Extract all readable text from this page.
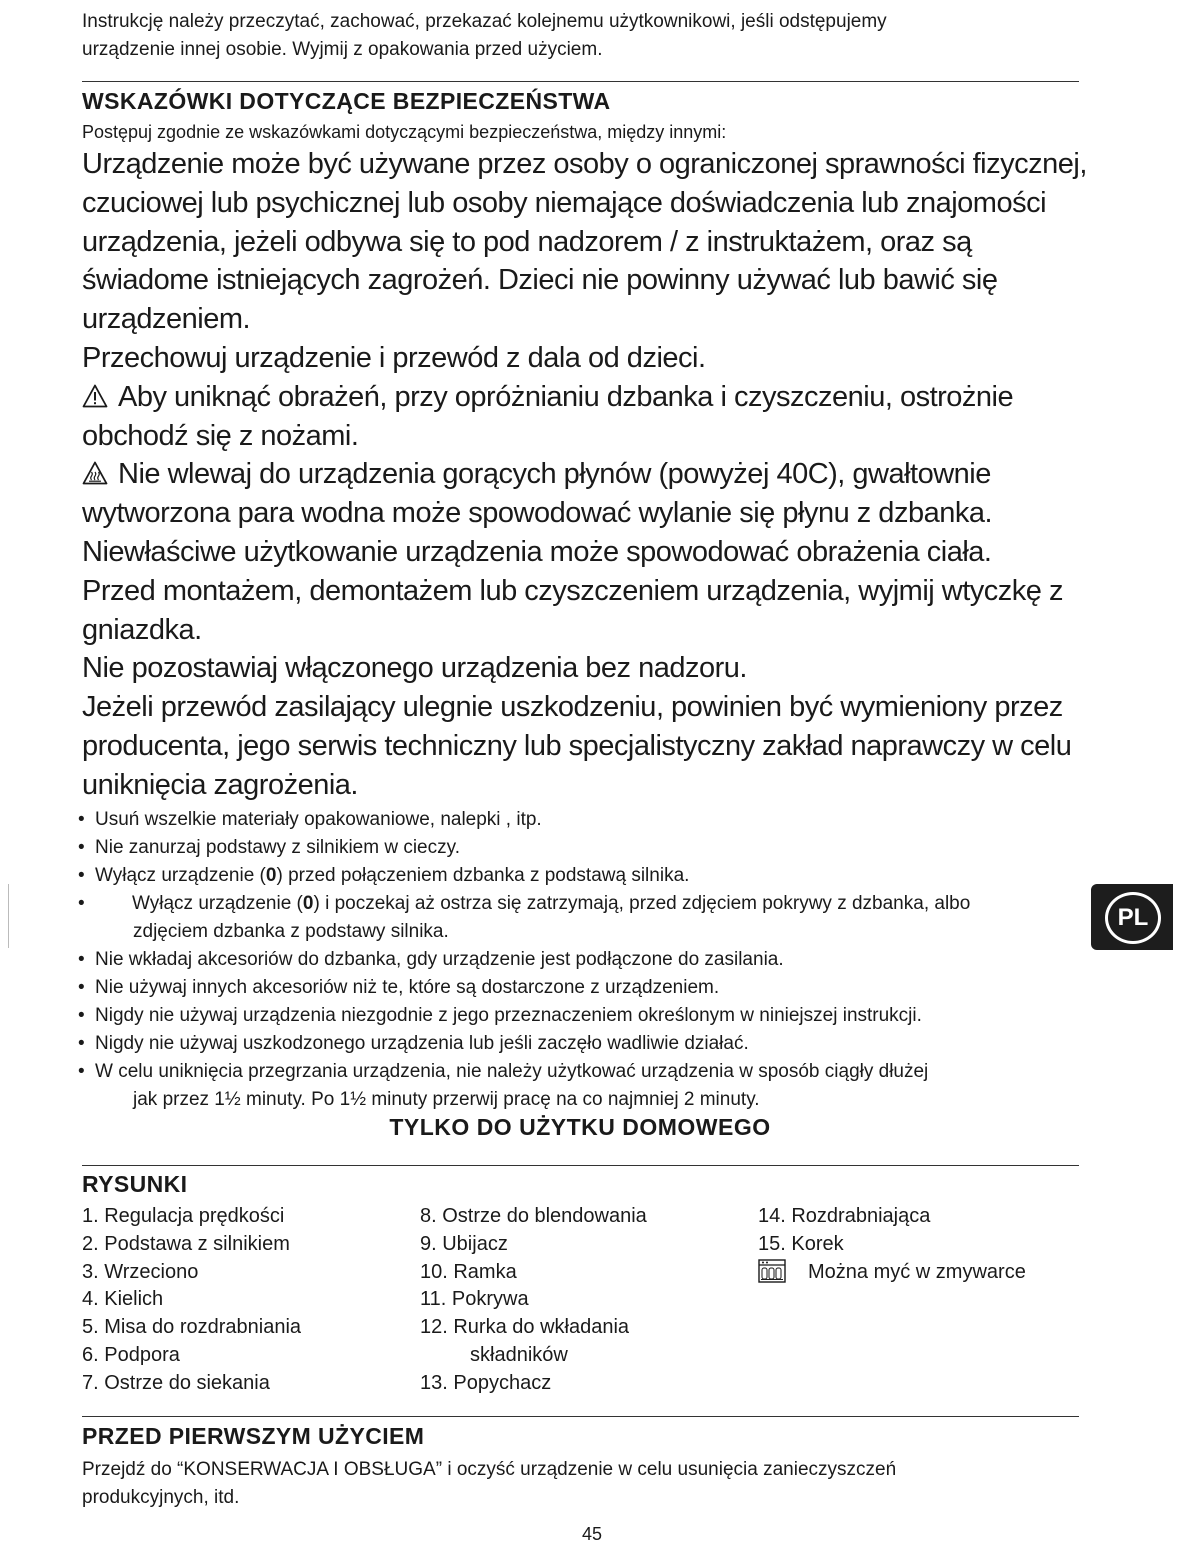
Instrukcję należy przeczytać, zachować, przekazać kolejnemu użytkownikowi, jeśli odstępujemy
urządzenie innej osobie. Wyjmij z opakowania przed użyciem.
WSKAZÓWKI DOTYCZĄCE BEZPIECZEŃSTWA
Postępuj zgodnie ze wskazówkami dotyczącymi bezpieczeństwa, między innymi:

Urządzenie może być używane przez osoby o ograniczonej sprawności fizycznej,

czuciowej lub psychicznej lub osoby niemające doświadczenia lub znajomości

urządzenia, jeżeli odbywa się to pod nadzorem / z instruktażem, oraz są

świadome istniejących zagrożeń. Dzieci nie powinny używać lub bawić się

urządzeniem.

Przechowuj urządzenie i przewód z dala od dzieci.

Aby uniknąć obrażeń, przy opróżnianiu dzbanka i czyszczeniu, ostrożnie

obchodź się z nożami.

Nie wlewaj do urządzenia gorących płynów (powyżej 40C), gwałtownie

wytworzona para wodna może spowodować wylanie się płynu z dzbanka.

Niewłaściwe użytkowanie urządzenia może spowodować obrażenia ciała.

Przed montażem, demontażem lub czyszczeniem urządzenia, wyjmij wtyczkę z

gniazdka.

Nie pozostawiaj włączonego urządzenia bez nadzoru.

Jeżeli przewód zasilający ulegnie uszkodzeniu, powinien być wymieniony przez

producenta, jego serwis techniczny lub specjalistyczny zakład naprawczy w celu

uniknięcia zagrożenia.

• Usuń wszelkie materiały opakowaniowe, nalepki , itp.
• Nie zanurzaj podstawy z silnikiem w cieczy.
• Wyłącz urządzenie (0) przed połączeniem dzbanka z podstawą silnika.
•	Wyłącz urządzenie (0) i poczekaj aż ostrza się zatrzymają, przed zdjęciem pokrywy z dzbanka, albo
zdjęciem dzbanka z podstawy silnika.
• Nie wkładaj akcesoriów do dzbanka, gdy urządzenie jest podłączone do zasilania.
• Nie używaj innych akcesoriów niż te, które są dostarczone z urządzeniem.
• Nigdy nie używaj urządzenia niezgodnie z jego przeznaczeniem określonym w niniejszej instrukcji.
• Nigdy nie używaj uszkodzonego urządzenia lub jeśli zaczęło wadliwie działać.
• W celu uniknięcia przegrzania urządzenia, nie należy użytkować urządzenia w sposób ciągły dłużej
jak przez 1½ minuty. Po 1½ minuty przerwij pracę na co najmniej 2 minuty.
TYLKO DO UŻYTKU DOMOWEGO
RYSUNKI
1. Regulacja prędkości
2. Podstawa z silnikiem
3. Wrzeciono
4. Kielich
5. Misa do rozdrabniania
6. Podpora
7. Ostrze do siekania
8. Ostrze do blendowania
9. Ubijacz
10. Ramka
11. Pokrywa
12. Rurka do wkładania
składników
13. Popychacz
14. Rozdrabniająca
15. Korek
Można myć w zmywarce
PRZED PIERWSZYM UŻYCIEM
Przejdź do “KONSERWACJA I OBSŁUGA” i oczyść urządzenie w celu usunięcia zanieczyszczeń
produkcyjnych, itd.
45
PL
